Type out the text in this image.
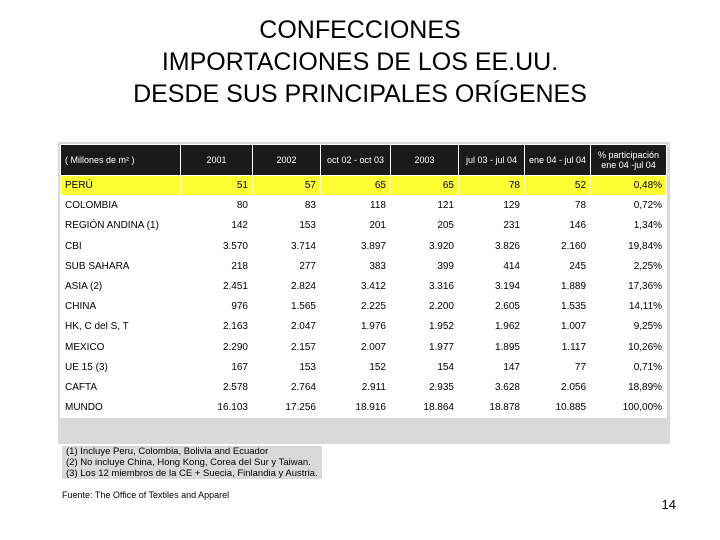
CONFECCIONES
IMPORTACIONES DE LOS EE.UU.
DESDE SUS PRINCIPALES ORÍGENES
( Millones de m² )	2001	2002	oct 02 - oct 03	2003	jul 03 - jul 04	ene 04 - jul 04	% participación
ene 04 -jul 04

PERÚ	51	57	65	65	78	52	0,48%
COLOMBIA	80	83	118	121	129	78	0,72%
REGIÓN ANDINA (1)	142	153	201	205	231	146	1,34%
CBI	3.570	3.714	3.897	3.920	3.826	2.160	19,84%
SUB SAHARA	218	277	383	399	414	245	2,25%
ASIA (2)	2.451	2.824	3.412	3.316	3.194	1.889	17,36%
CHINA	976	1.565	2.225	2.200	2.605	1.535	14,11%
HK, C del S, T	2.163	2.047	1.976	1.952	1.962	1.007	9,25%
MEXICO	2.290	2.157	2.007	1.977	1.895	1.117	10,26%
UE 15 (3)	167	153	152	154	147	77	0,71%
CAFTA	2.578	2.764	2.911	2.935	3.628	2.056	18,89%
MUNDO	16.103	17.256	18.916	18.864	18.878	10.885	100,00%
(1) Incluye Peru, Colombia, Bolivia and Ecuador
(2) No incluye China, Hong Kong, Corea del Sur y Taiwan.
(3) Los 12 miembros de la CE + Suecia, Finlandia y Austria.
Fuente: The Office of Textiles and Apparel
14
